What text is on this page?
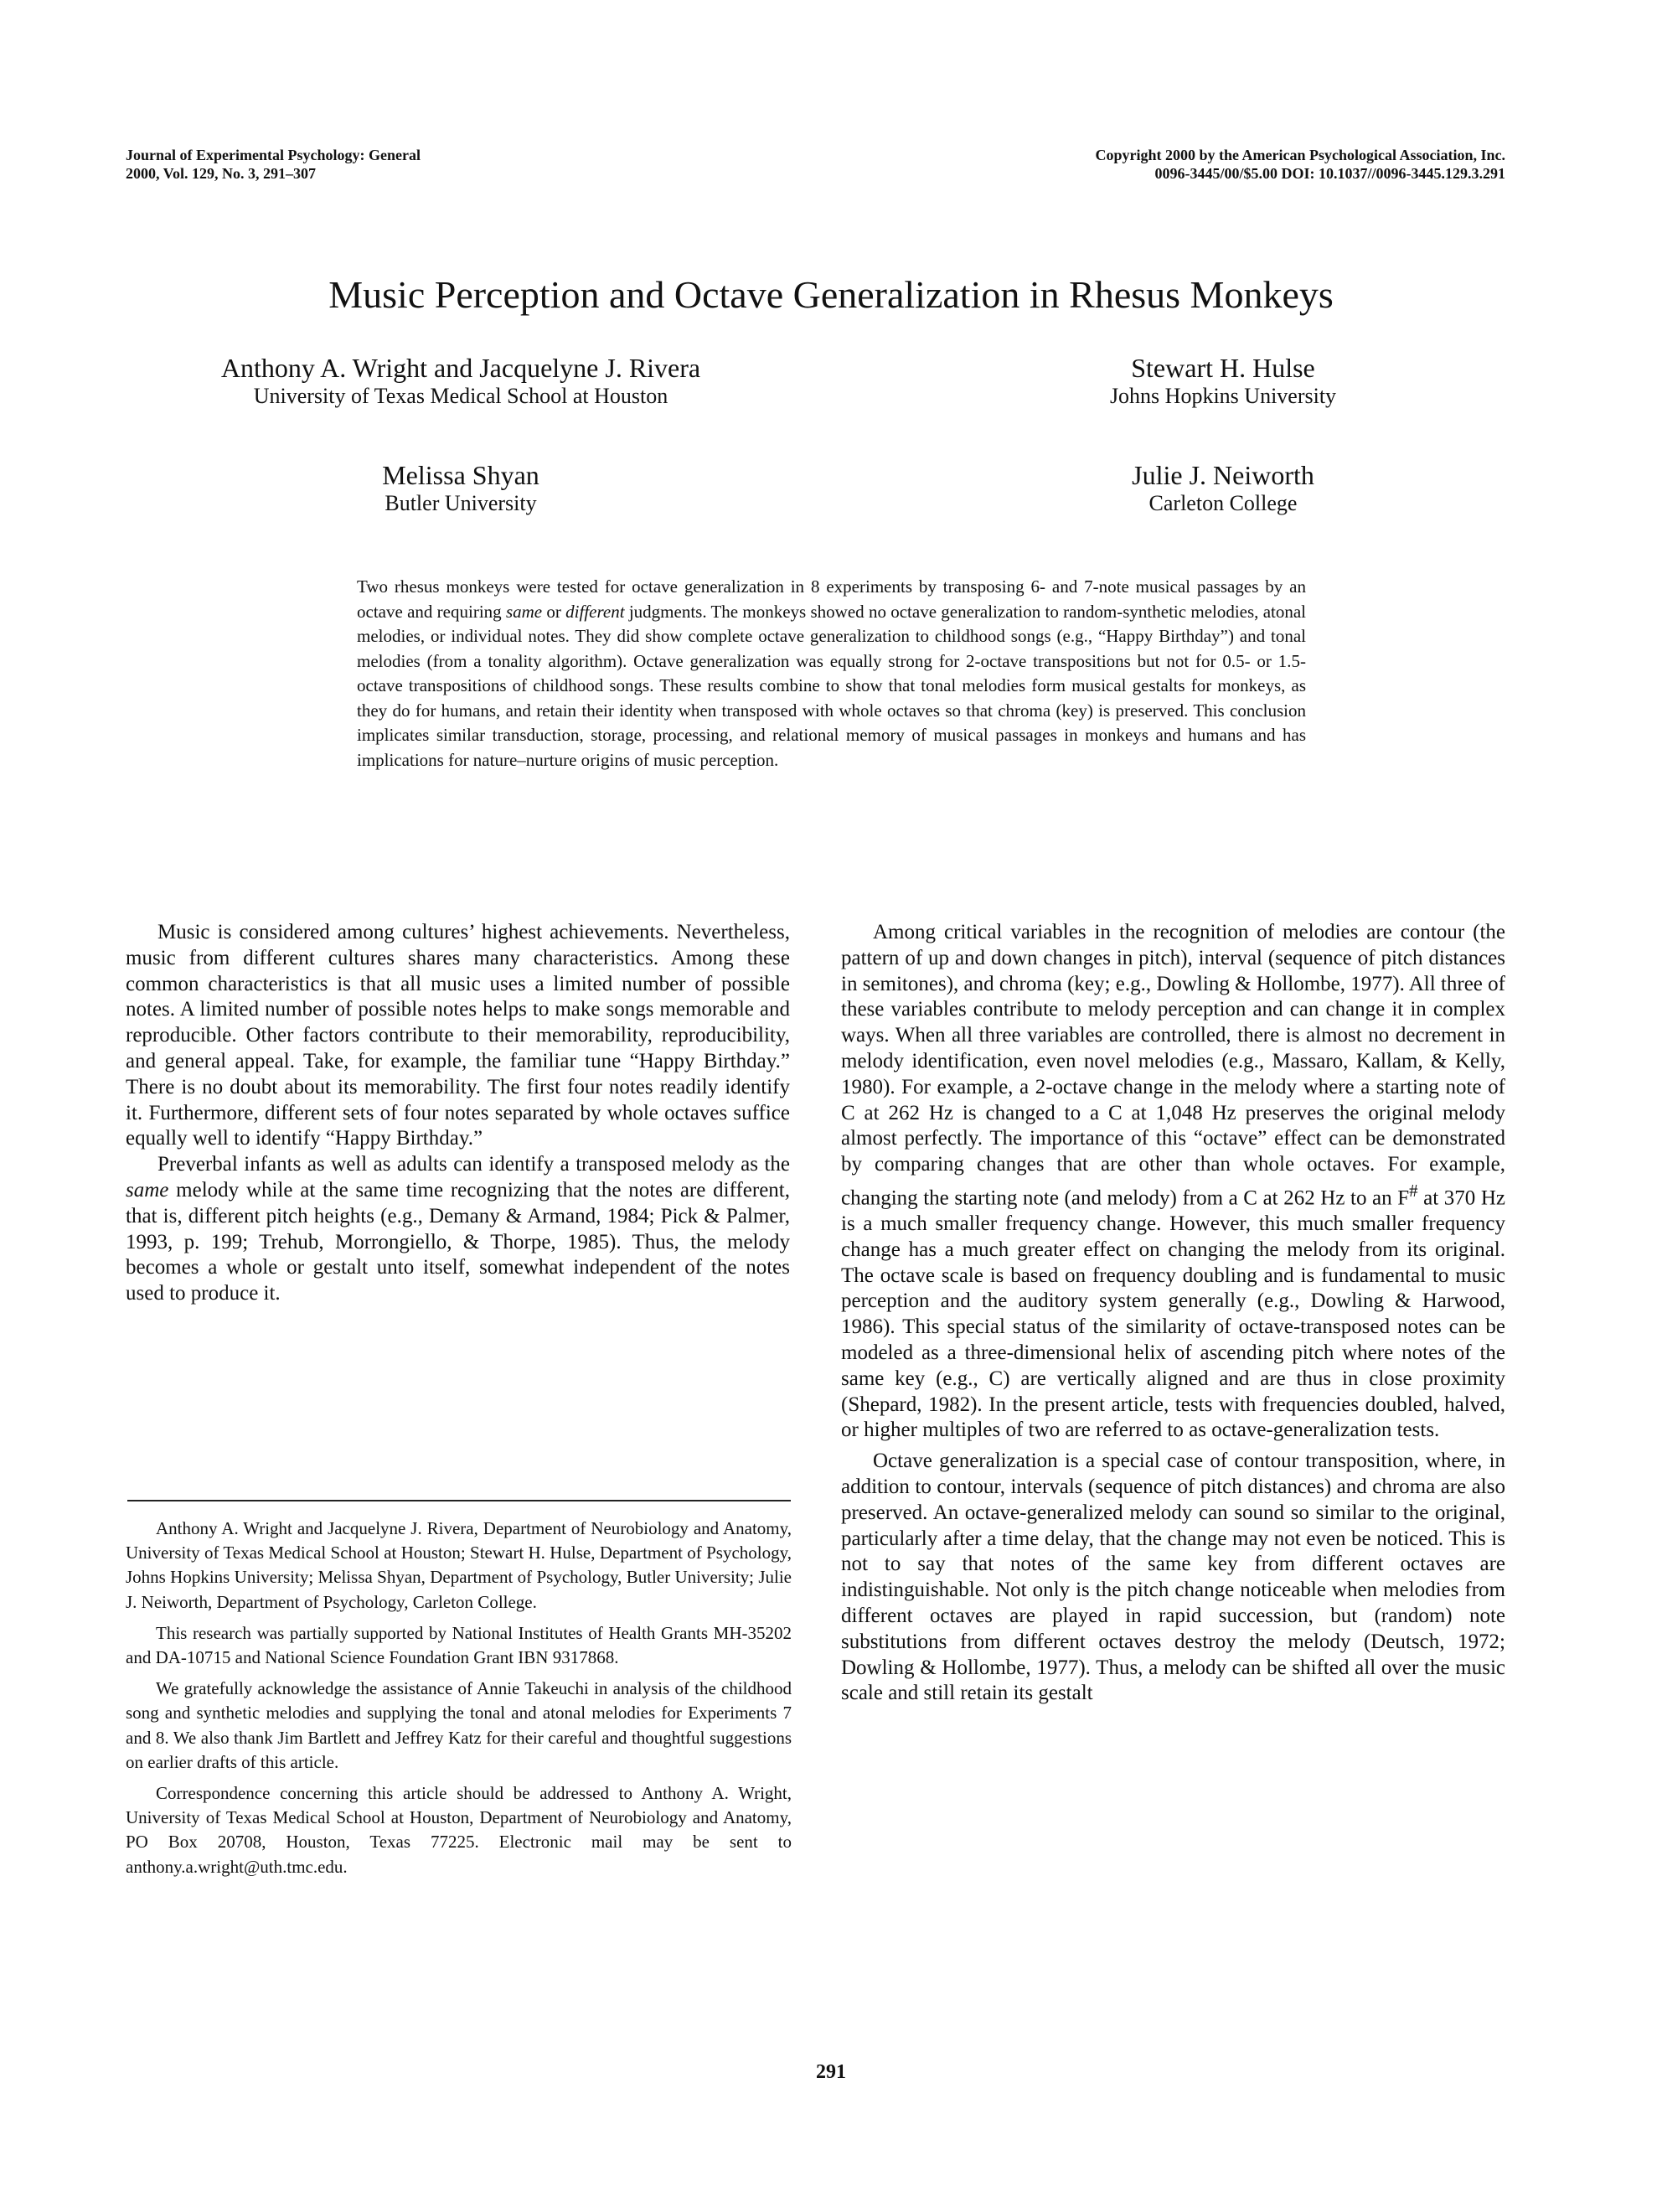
Journal of Experimental Psychology: General
2000, Vol. 129, No. 3, 291–307
Copyright 2000 by the American Psychological Association, Inc.
0096-3445/00/$5.00 DOI: 10.1037//0096-3445.129.3.291
Music Perception and Octave Generalization in Rhesus Monkeys
Anthony A. Wright and Jacquelyne J. Rivera
University of Texas Medical School at Houston
Stewart H. Hulse
Johns Hopkins University
Melissa Shyan
Butler University
Julie J. Neiworth
Carleton College
Two rhesus monkeys were tested for octave generalization in 8 experiments by transposing 6- and 7-note musical passages by an octave and requiring same or different judgments. The monkeys showed no octave generalization to random-synthetic melodies, atonal melodies, or individual notes. They did show complete octave generalization to childhood songs (e.g., “Happy Birthday”) and tonal melodies (from a tonality algorithm). Octave generalization was equally strong for 2-octave transpositions but not for 0.5- or 1.5-octave transpositions of childhood songs. These results combine to show that tonal melodies form musical gestalts for monkeys, as they do for humans, and retain their identity when transposed with whole octaves so that chroma (key) is preserved. This conclusion implicates similar transduction, storage, processing, and relational memory of musical passages in monkeys and humans and has implications for nature–nurture origins of music perception.

Music is considered among cultures’ highest achievements. Nevertheless, music from different cultures shares many characteristics. Among these common characteristics is that all music uses a limited number of possible notes. A limited number of possible notes helps to make songs memorable and reproducible. Other factors contribute to their memorability, reproducibility, and general appeal. Take, for example, the familiar tune “Happy Birthday.” There is no doubt about its memorability. The first four notes readily identify it. Furthermore, different sets of four notes separated by whole octaves suffice equally well to identify “Happy Birthday.”

Preverbal infants as well as adults can identify a transposed melody as the same melody while at the same time recognizing that the notes are different, that is, different pitch heights (e.g., Demany & Armand, 1984; Pick & Palmer, 1993, p. 199; Trehub, Morrongiello, & Thorpe, 1985). Thus, the melody becomes a whole or gestalt unto itself, somewhat independent of the notes used to produce it.

Anthony A. Wright and Jacquelyne J. Rivera, Department of Neurobiology and Anatomy, University of Texas Medical School at Houston; Stewart H. Hulse, Department of Psychology, Johns Hopkins University; Melissa Shyan, Department of Psychology, Butler University; Julie J. Neiworth, Department of Psychology, Carleton College.

This research was partially supported by National Institutes of Health Grants MH-35202 and DA-10715 and National Science Foundation Grant IBN 9317868.

We gratefully acknowledge the assistance of Annie Takeuchi in analysis of the childhood song and synthetic melodies and supplying the tonal and atonal melodies for Experiments 7 and 8. We also thank Jim Bartlett and Jeffrey Katz for their careful and thoughtful suggestions on earlier drafts of this article.

Correspondence concerning this article should be addressed to Anthony A. Wright, University of Texas Medical School at Houston, Department of Neurobiology and Anatomy, PO Box 20708, Houston, Texas 77225. Electronic mail may be sent to anthony.a.wright@uth.tmc.edu.

Among critical variables in the recognition of melodies are contour (the pattern of up and down changes in pitch), interval (sequence of pitch distances in semitones), and chroma (key; e.g., Dowling & Hollombe, 1977). All three of these variables contribute to melody perception and can change it in complex ways. When all three variables are controlled, there is almost no decrement in melody identification, even novel melodies (e.g., Massaro, Kallam, & Kelly, 1980). For example, a 2-octave change in the melody where a starting note of C at 262 Hz is changed to a C at 1,048 Hz preserves the original melody almost perfectly. The importance of this “octave” effect can be demonstrated by comparing changes that are other than whole octaves. For example, changing the starting note (and melody) from a C at 262 Hz to an F# at 370 Hz is a much smaller frequency change. However, this much smaller frequency change has a much greater effect on changing the melody from its original. The octave scale is based on frequency doubling and is fundamental to music perception and the auditory system generally (e.g., Dowling & Harwood, 1986). This special status of the similarity of octave-transposed notes can be modeled as a three-dimensional helix of ascending pitch where notes of the same key (e.g., C) are vertically aligned and are thus in close proximity (Shepard, 1982). In the present article, tests with frequencies doubled, halved, or higher multiples of two are referred to as octave-generalization tests.

Octave generalization is a special case of contour transposition, where, in addition to contour, intervals (sequence of pitch distances) and chroma are also preserved. An octave-generalized melody can sound so similar to the original, particularly after a time delay, that the change may not even be noticed. This is not to say that notes of the same key from different octaves are indistinguishable. Not only is the pitch change noticeable when melodies from different octaves are played in rapid succession, but (random) note substitutions from different octaves destroy the melody (Deutsch, 1972; Dowling & Hollombe, 1977). Thus, a melody can be shifted all over the music scale and still retain its gestalt

291
